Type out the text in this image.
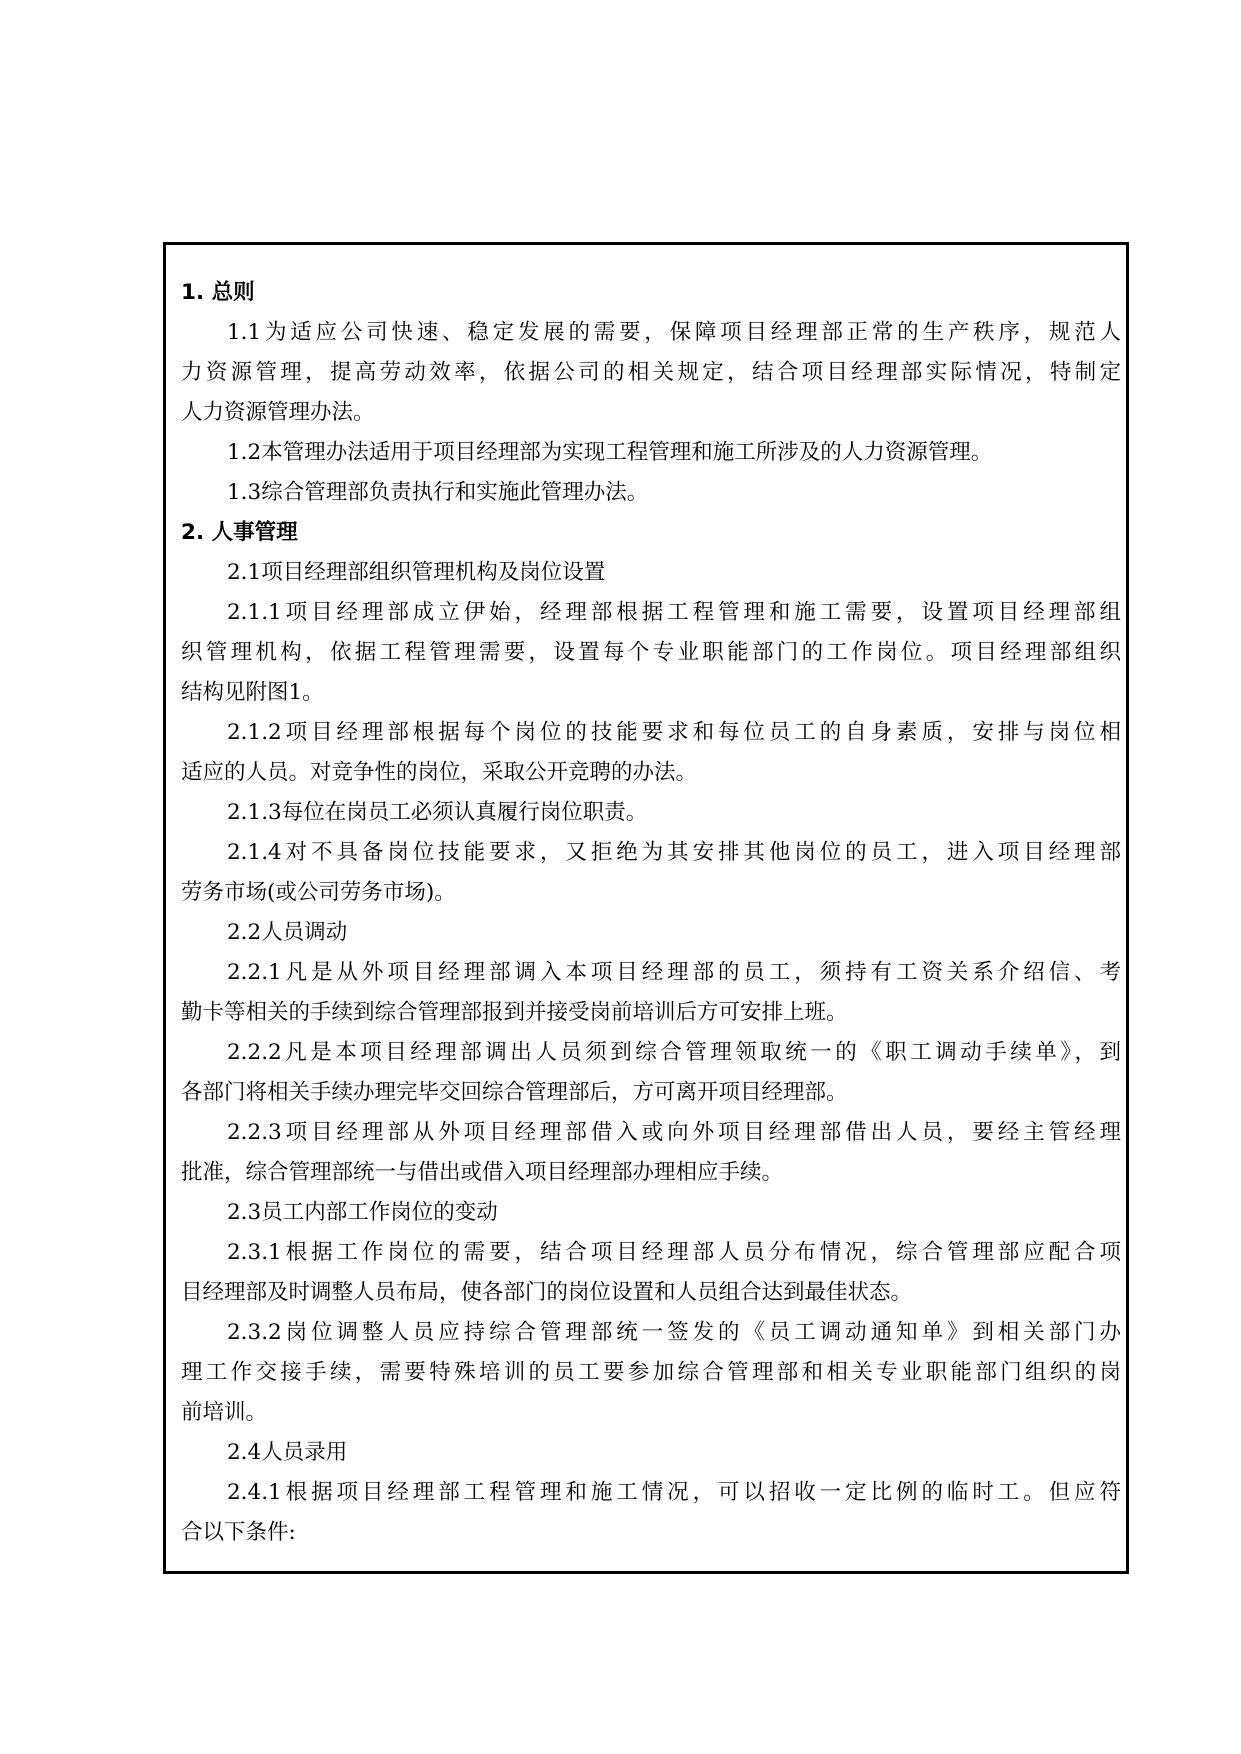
1. 总则
1.1为适应公司快速、稳定发展的需要，保障项目经理部正常的生产秩序，规范人
力资源管理，提高劳动效率，依据公司的相关规定，结合项目经理部实际情况，特制定
人力资源管理办法。
1.2本管理办法适用于项目经理部为实现工程管理和施工所涉及的人力资源管理。
1.3综合管理部负责执行和实施此管理办法。
2. 人事管理
2.1项目经理部组织管理机构及岗位设置
2.1.1项目经理部成立伊始，经理部根据工程管理和施工需要，设置项目经理部组
织管理机构，依据工程管理需要，设置每个专业职能部门的工作岗位。项目经理部组织
结构见附图1。
2.1.2项目经理部根据每个岗位的技能要求和每位员工的自身素质，安排与岗位相
适应的人员。对竞争性的岗位，采取公开竞聘的办法。
2.1.3每位在岗员工必须认真履行岗位职责。
2.1.4对不具备岗位技能要求，又拒绝为其安排其他岗位的员工，进入项目经理部
劳务市场(或公司劳务市场)。
2.2人员调动
2.2.1凡是从外项目经理部调入本项目经理部的员工，须持有工资关系介绍信、考
勤卡等相关的手续到综合管理部报到并接受岗前培训后方可安排上班。
2.2.2凡是本项目经理部调出人员须到综合管理领取统一的《职工调动手续单》，到
各部门将相关手续办理完毕交回综合管理部后，方可离开项目经理部。
2.2.3项目经理部从外项目经理部借入或向外项目经理部借出人员，要经主管经理
批准，综合管理部统一与借出或借入项目经理部办理相应手续。
2.3员工内部工作岗位的变动
2.3.1根据工作岗位的需要，结合项目经理部人员分布情况，综合管理部应配合项
目经理部及时调整人员布局，使各部门的岗位设置和人员组合达到最佳状态。
2.3.2岗位调整人员应持综合管理部统一签发的《员工调动通知单》到相关部门办
理工作交接手续，需要特殊培训的员工要参加综合管理部和相关专业职能部门组织的岗
前培训。
2.4人员录用
2.4.1根据项目经理部工程管理和施工情况，可以招收一定比例的临时工。但应符
合以下条件:
